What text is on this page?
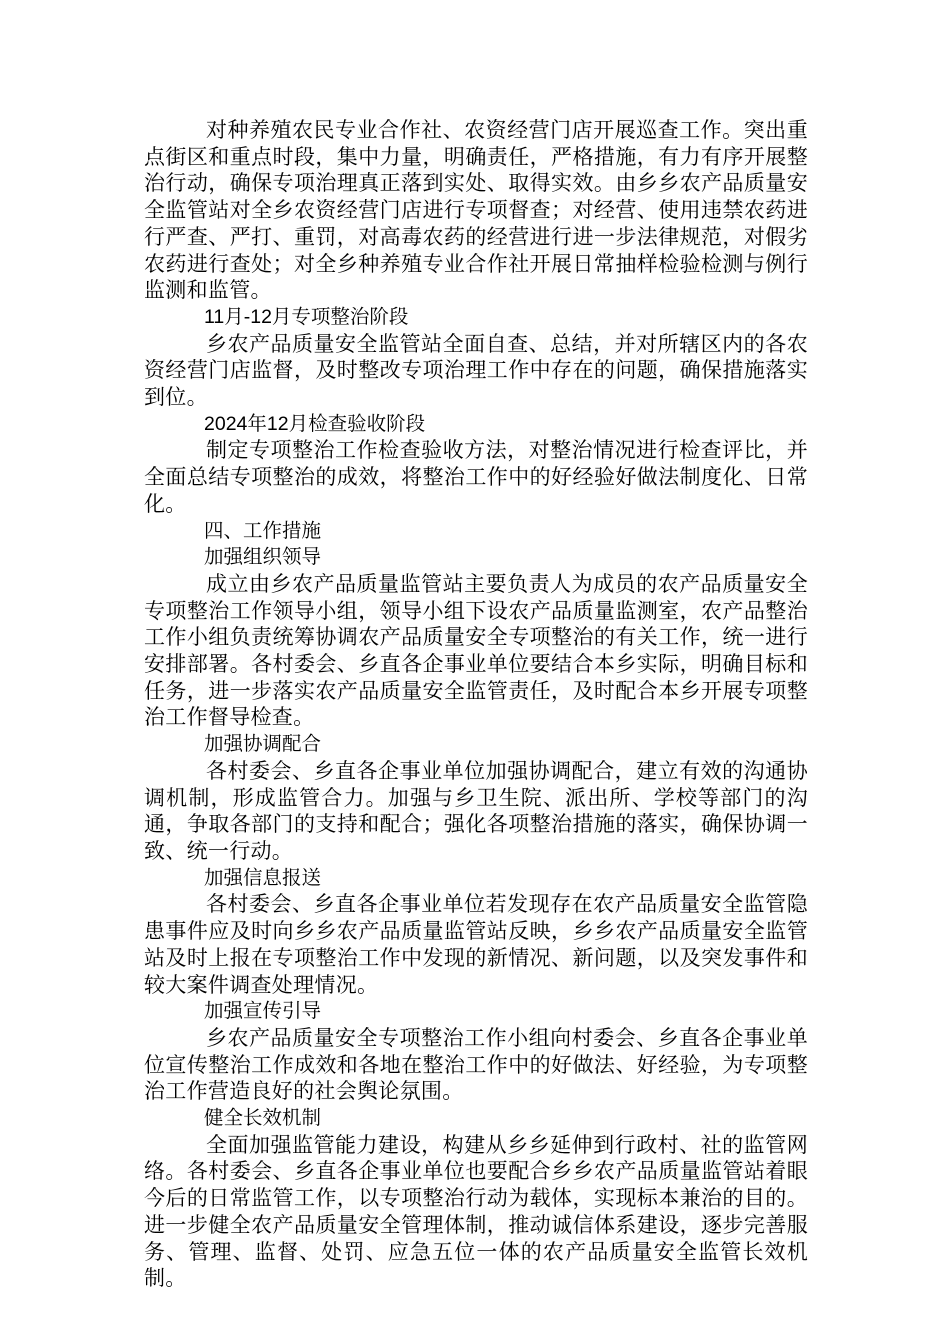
对种养殖农民专业合作社、农资经营门店开展巡查工作。突出重点街区和重点时段，集中力量，明确责任，严格措施，有力有序开展整治行动，确保专项治理真正落到实处、取得实效。由乡乡农产品质量安全监管站对全乡农资经营门店进行专项督查；对经营、使用违禁农药进行严查、严打、重罚，对高毒农药的经营进行进一步法律规范，对假劣农药进行查处；对全乡种养殖专业合作社开展日常抽样检验检测与例行监测和监管。

11月-12月专项整治阶段

乡农产品质量安全监管站全面自查、总结，并对所辖区内的各农资经营门店监督，及时整改专项治理工作中存在的问题，确保措施落实到位。

2024年12月检查验收阶段

制定专项整治工作检查验收方法，对整治情况进行检查评比，并全面总结专项整治的成效，将整治工作中的好经验好做法制度化、日常化。

四、工作措施

加强组织领导

成立由乡农产品质量监管站主要负责人为成员的农产品质量安全专项整治工作领导小组，领导小组下设农产品质量监测室，农产品整治工作小组负责统筹协调农产品质量安全专项整治的有关工作，统一进行安排部署。各村委会、乡直各企事业单位要结合本乡实际，明确目标和任务，进一步落实农产品质量安全监管责任，及时配合本乡开展专项整治工作督导检查。

加强协调配合

各村委会、乡直各企事业单位加强协调配合，建立有效的沟通协调机制，形成监管合力。加强与乡卫生院、派出所、学校等部门的沟通，争取各部门的支持和配合；强化各项整治措施的落实，确保协调一致、统一行动。

加强信息报送

各村委会、乡直各企事业单位若发现存在农产品质量安全监管隐患事件应及时向乡乡农产品质量监管站反映，乡乡农产品质量安全监管站及时上报在专项整治工作中发现的新情况、新问题，以及突发事件和较大案件调查处理情况。

加强宣传引导

乡农产品质量安全专项整治工作小组向村委会、乡直各企事业单位宣传整治工作成效和各地在整治工作中的好做法、好经验，为专项整治工作营造良好的社会舆论氛围。

健全长效机制

全面加强监管能力建设，构建从乡乡延伸到行政村、社的监管网络。各村委会、乡直各企事业单位也要配合乡乡农产品质量监管站着眼今后的日常监管工作，以专项整治行动为载体，实现标本兼治的目的。进一步健全农产品质量安全管理体制，推动诚信体系建设，逐步完善服务、管理、监督、处罚、应急五位一体的农产品质量安全监管长效机制。
